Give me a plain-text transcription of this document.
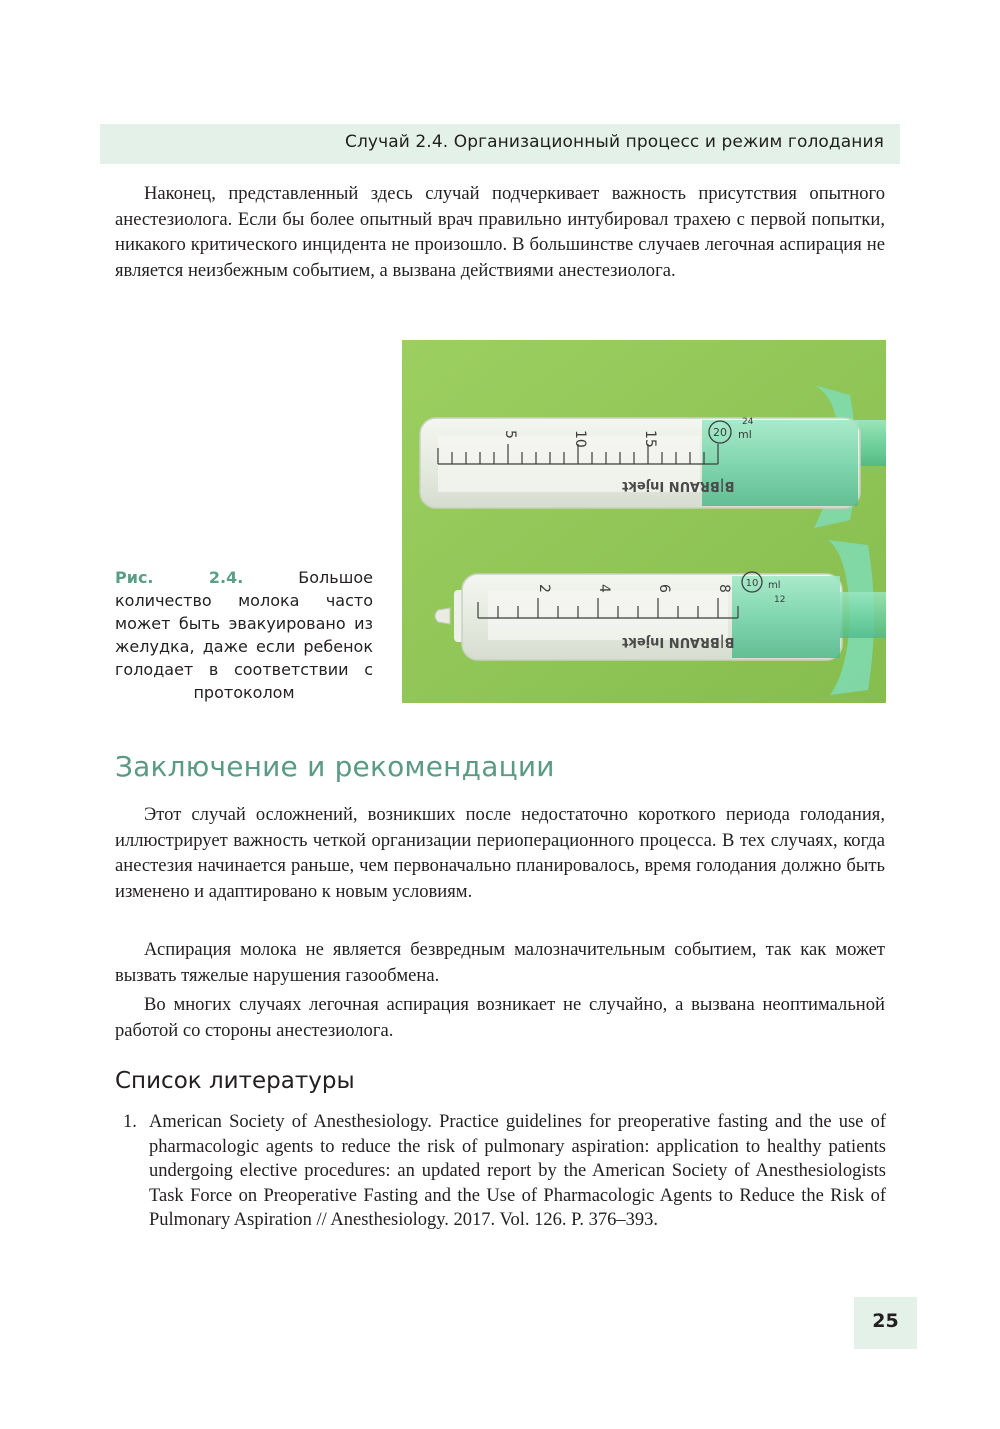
Случай 2.4. Организационный процесс и режим голодания

Наконец, представленный здесь случай подчеркивает важность присутствия опытного анестезиолога. Если бы более опытный врач правильно интубировал трахею с первой попытки, никакого критического инцидента не произошло. В большинстве случаев легочная аспирация не является неизбежным событием, а вызвана действиями анестезиолога.

5	10	15	20 ml
24
B|BRAUN Injekt
2	4	6	8 10 ml
12
B|BRAUN Injekt

Рис. 2.4.	Большое количество молока часто может быть эвакуировано из желудка, даже если ребенок голодает в соответствии с протоколом

Заключение и рекомендации

Этот случай осложнений, возникших после недостаточно короткого периода голодания, иллюстрирует важность четкой организации периоперационного процесса. В тех случаях, когда анестезия начинается раньше, чем первоначально планировалось, время голодания должно быть изменено и адаптировано к новым условиям.

Аспирация молока не является безвредным малозначительным событием, так как может вызвать тяжелые нарушения газообмена.

Во многих случаях легочная аспирация возникает не случайно, а вызвана неоптимальной работой со стороны анестезиолога.

Список литературы
1. American Society of Anesthesiology. Practice guidelines for preoperative fasting and the use of pharmacologic agents to reduce the risk of pulmonary aspiration: application to healthy patients undergoing elective procedures: an updated report by the American Society of Anesthesiologists Task Force on Preoperative Fasting and the Use of Pharmacologic Agents to Reduce the Risk of Pulmonary Aspiration // Anesthesiology. 2017. Vol. 126. P. 376–393.

25
